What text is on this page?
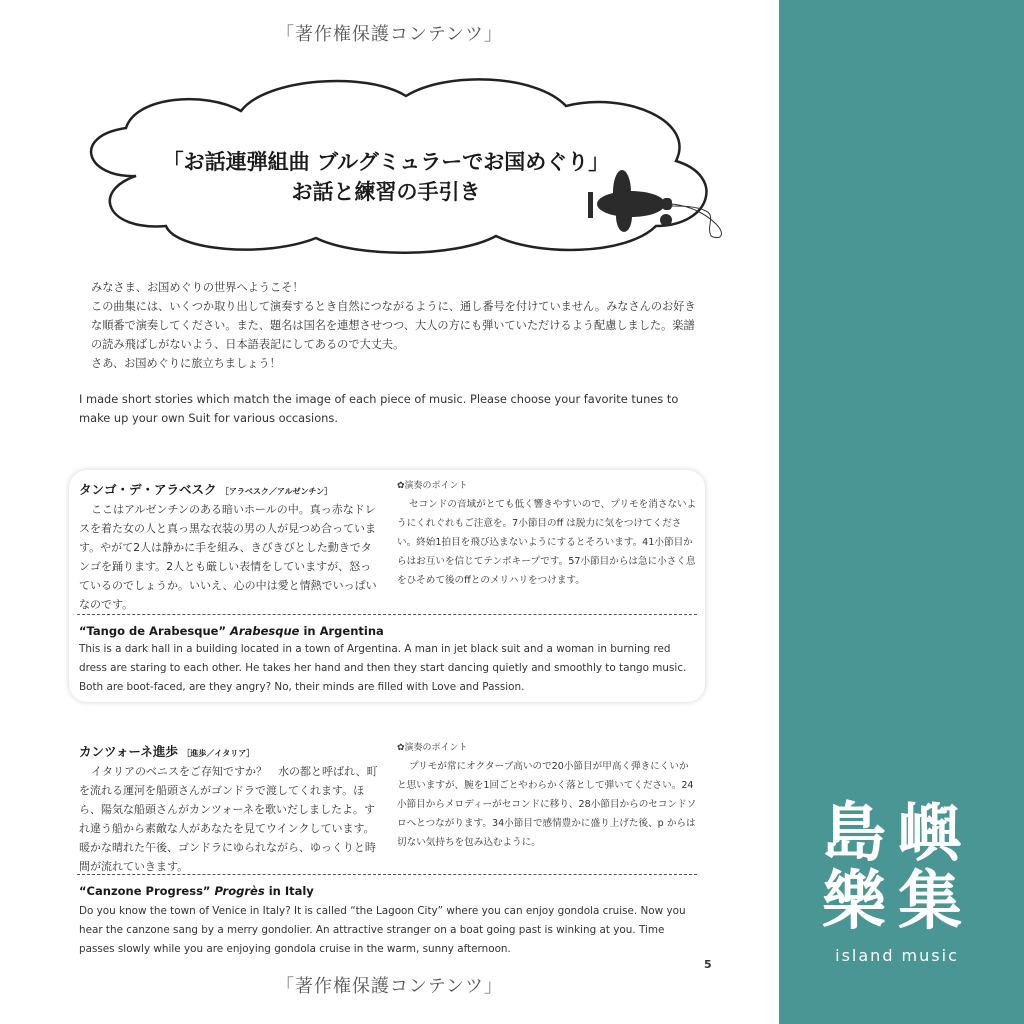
「著作権保護コンテンツ」
「お話連弾組曲 ブルグミュラーでお国めぐり」
お話と練習の手引き

みなさま、お国めぐりの世界へようこそ！

この曲集には、いくつか取り出して演奏するとき自然につながるように、通し番号を付けていません。みなさんのお好きな順番で演奏してください。また、題名は国名を連想させつつ、大人の方にも弾いていただけるよう配慮しました。楽譜の読み飛ばしがないよう、日本語表記にしてあるので大丈夫。

さあ、お国めぐりに旅立ちましょう！

I made short stories which match the image of each piece of music. Please choose your favorite tunes to make up your own Suit for various occasions.
タンゴ・デ・アラベスク ［アラベスク／アルゼンチン］
ここはアルゼンチンのある暗いホールの中。真っ赤なドレスを着た女の人と真っ黒な衣装の男の人が見つめ合っています。やがて2人は静かに手を組み、きびきびとした動きでタンゴを踊ります。2人とも厳しい表情をしていますが、怒っているのでしょうか。いいえ、心の中は愛と情熱でいっぱいなのです。
✿演奏のポイント
セコンドの音域がとても低く響きやすいので、プリモを消さないようにくれぐれもご注意を。7小節目のff は脱力に気をつけてください。終始1拍目を飛び込まないようにするとそろいます。41小節目からはお互いを信じてテンポキープです。57小節目からは急に小さく息をひそめて後のffとのメリハリをつけます。
“Tango de Arabesque” Arabesque in Argentina
This is a dark hall in a building located in a town of Argentina. A man in jet black suit and a woman in burning red dress are staring to each other. He takes her hand and then they start dancing quietly and smoothly to tango music. Both are boot-faced, are they angry? No, their minds are filled with Love and Passion.
カンツォーネ進歩 ［進歩／イタリア］
イタリアのベニスをご存知ですか？　水の都と呼ばれ、町を流れる運河を船頭さんがゴンドラで渡してくれます。ほら、陽気な船頭さんがカンツォーネを歌いだしましたよ。すれ違う船から素敵な人があなたを見てウインクしています。暖かな晴れた午後、ゴンドラにゆられながら、ゆっくりと時間が流れていきます。
✿演奏のポイント
プリモが常にオクターブ高いので20小節目が甲高く弾きにくいかと思いますが、腕を1回ごとやわらかく落として弾いてください。24小節目からメロディーがセコンドに移り、28小節目からのセコンドソロへとつながります。34小節目で感情豊かに盛り上げた後、p からは切ない気持ちを包み込むように。
“Canzone Progress” Progrès in Italy
Do you know the town of Venice in Italy? It is called “the Lagoon City” where you can enjoy gondola cruise. Now you hear the canzone sang by a merry gondolier. An attractive stranger on a boat going past is winking at you. Time passes slowly while you are enjoying gondola cruise in the warm, sunny afternoon.
5
「著作権保護コンテンツ」
島嶼
樂集
island music
